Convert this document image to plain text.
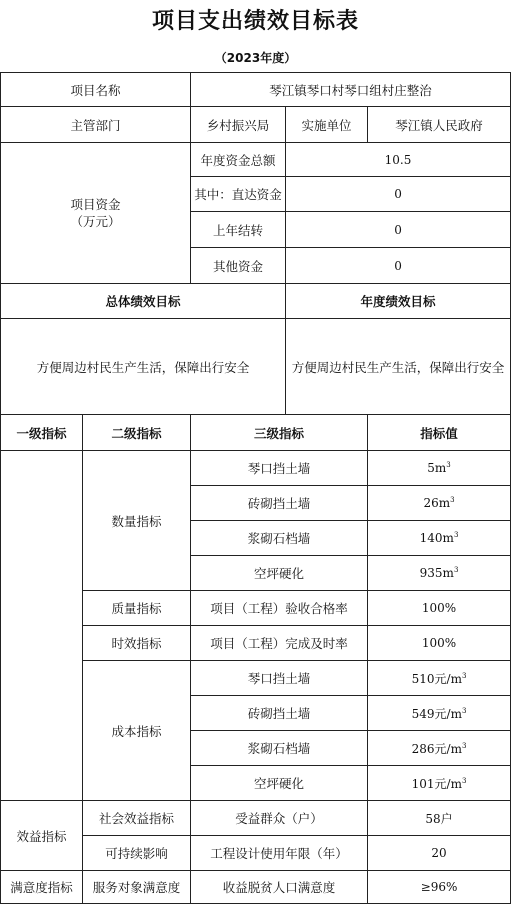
项目支出绩效目标表
（2023年度）
项目名称		琴江镇琴口村琴口组村庄整治		
主管部门		乡村振兴局	实施单位	琴江镇人民政府
项目资金
（万元）		年度资金总额	10.5	
		其中：直达资金	0	
		上年结转	0	
		其他资金	0	
总体绩效目标			年度绩效目标	
方便周边村民生产生活，保障出行安全			方便周边村民生产生活，保障出行安全	
一级指标	二级指标	三级指标		指标值
	数量指标	琴口挡土墙		$5m^3$
		砖砌挡土墙		$26m^3$
		浆砌石档墙		$140m^3$
		空坪硬化		$935m^3$
	质量指标	项目（工程）验收合格率		100%
	时效指标	项目（工程）完成及时率		100%
	成本指标	琴口挡土墙		510元$/m^3$
		砖砌挡土墙		549元$/m^3$
		浆砌石档墙		286元$/m^3$
		空坪硬化		101元$/m^3$
效益指标	社会效益指标	受益群众（户）		58户
	可持续影响	工程设计使用年限（年）		20
满意度指标	服务对象满意度	收益脱贫人口满意度		≥96%
